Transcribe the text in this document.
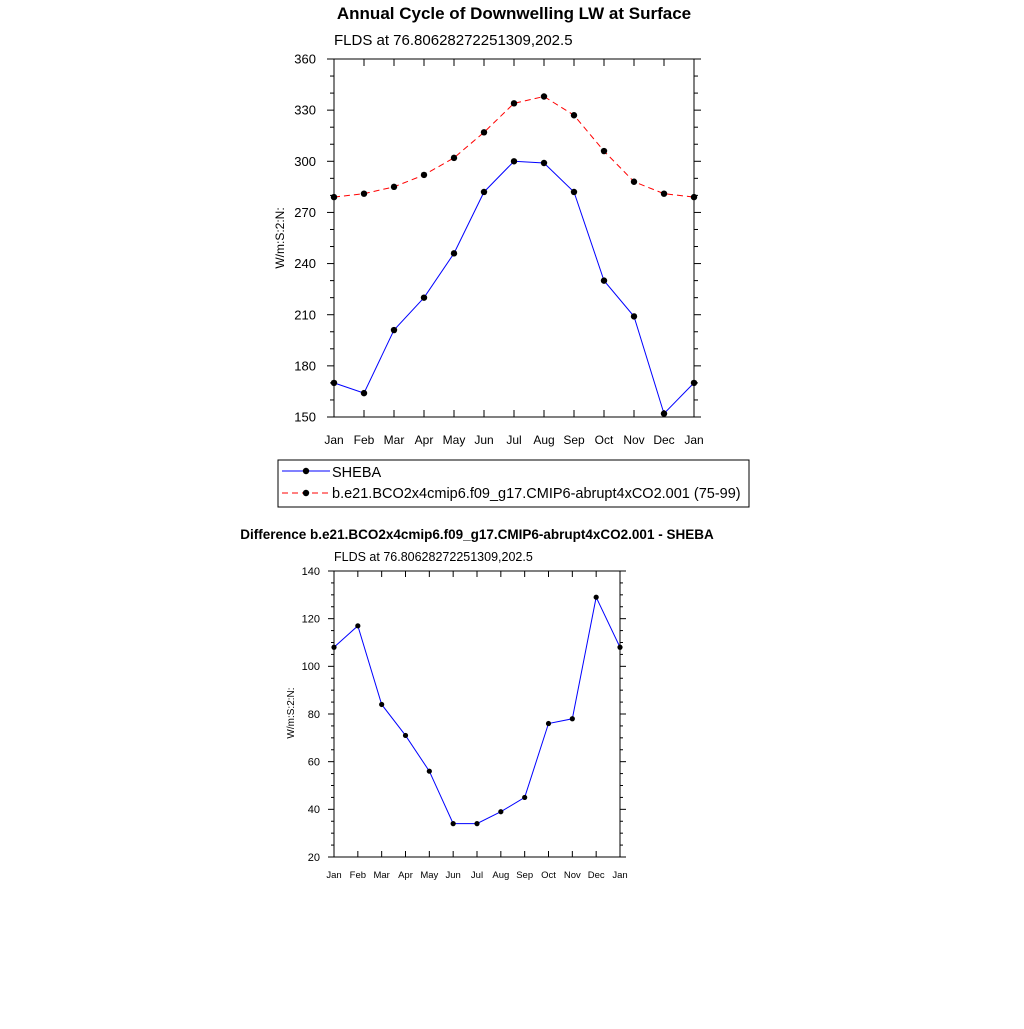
Annual Cycle of Downwelling LW at Surface
FLDS at 76.80628272251309,202.5
W/m:S:2:N:
Jan Feb Mar Apr May Jun Jul Aug Sep Oct Nov Dec Jan
150
180
210
240
270
300
330
360
SHEBA
b.e21.BCO2x4cmip6.f09_g17.CMIP6-abrupt4xCO2.001 (75-99)
Difference b.e21.BCO2x4cmip6.f09_g17.CMIP6-abrupt4xCO2.001 - SHEBA
FLDS at 76.80628272251309,202.5
W/m:S:2:N:
Jan Feb Mar Apr May Jun Jul Aug Sep Oct Nov Dec Jan
20
40
60
80
100
120
140
